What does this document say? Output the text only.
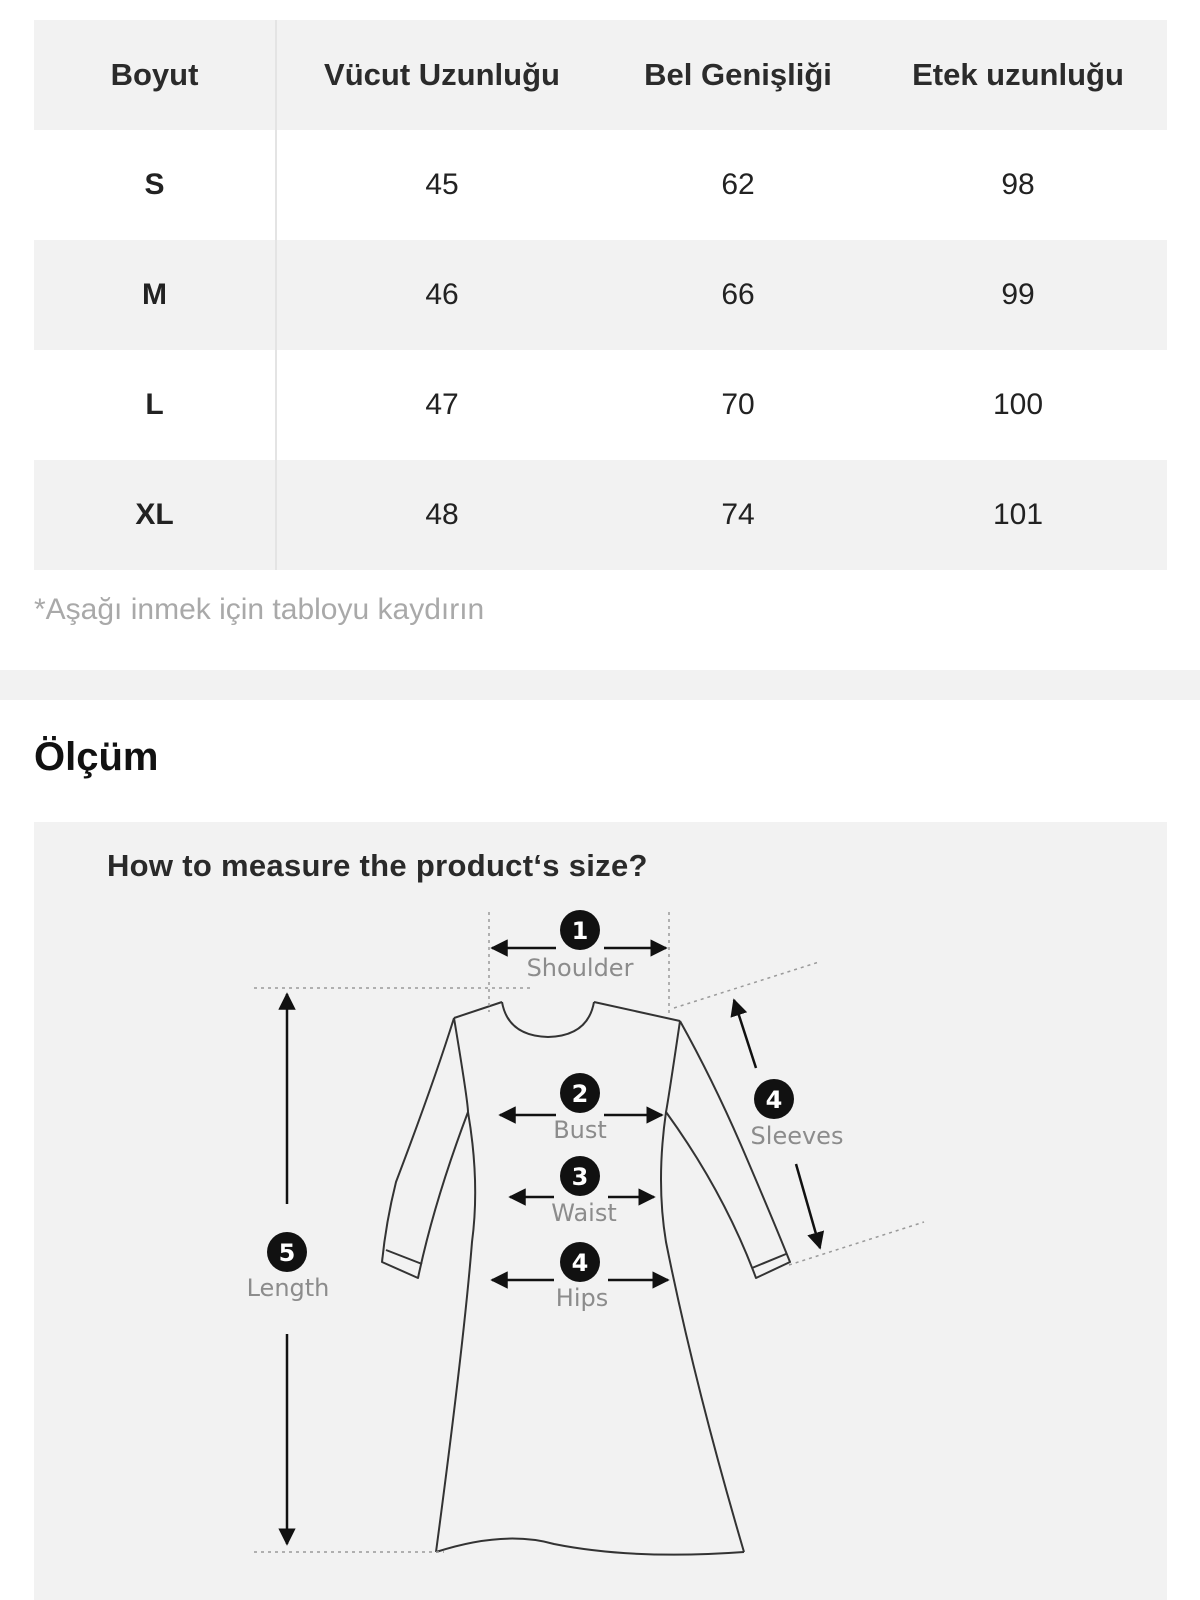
Boyut	Vücut Uzunluğu	Bel Genişliği	Etek uzunluğu
S	45	62	98
M	46	66	99
L	47	70	100
XL	48	74	101
*Aşağı inmek için tabloyu kaydırın
Ölçüm
1
Shoulder
2
Bust
3
Waist
4
Hips
4
Sleeves
5
Length
How to measure the product‘s size?
